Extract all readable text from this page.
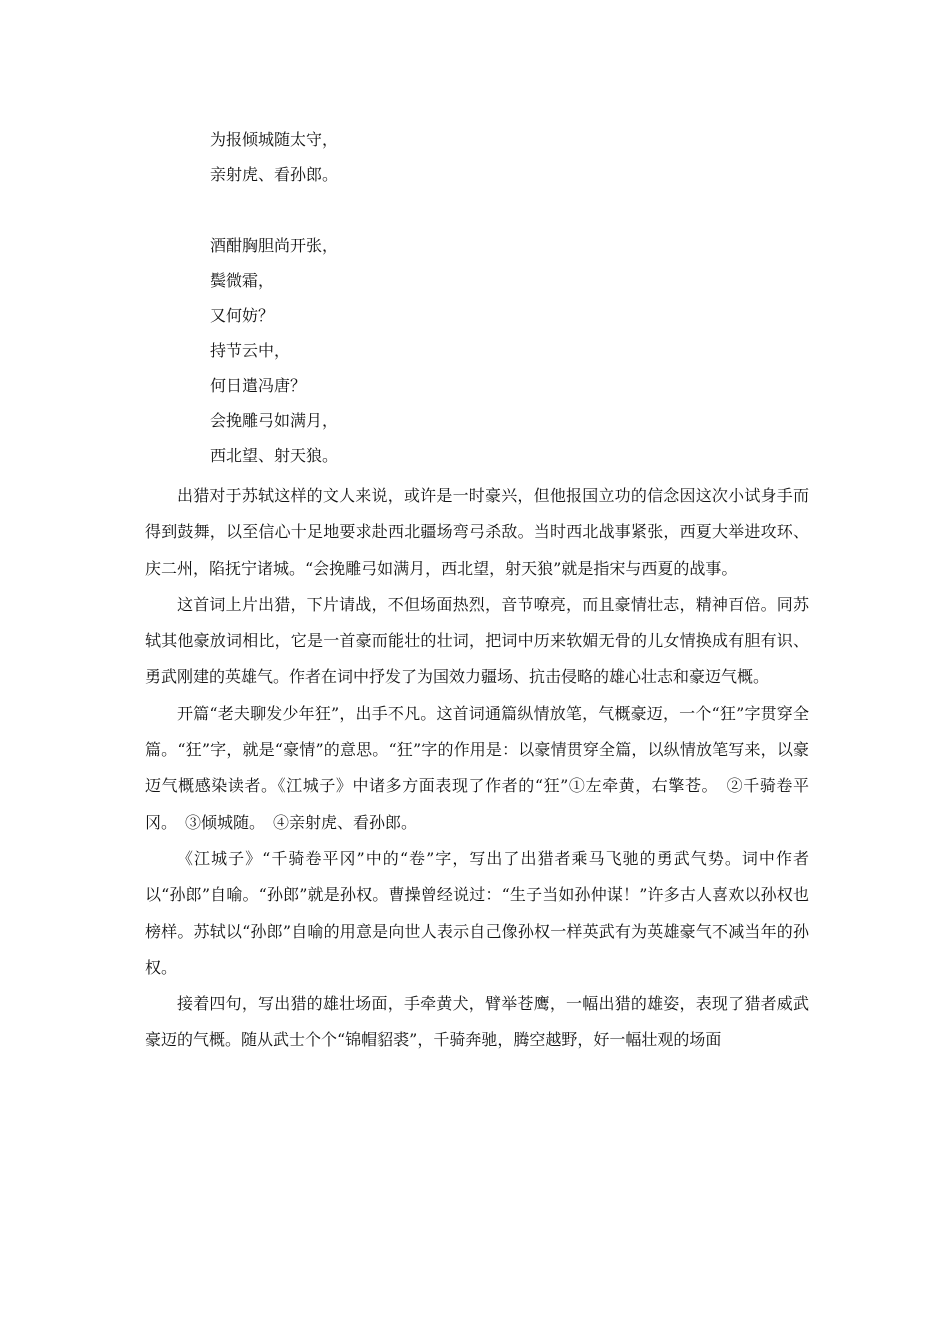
为报倾城随太守，
亲射虎、看孙郎。
酒酣胸胆尚开张，
鬓微霜，
又何妨？
持节云中，
何日遣冯唐？
会挽雕弓如满月，
西北望、射天狼。

出猎对于苏轼这样的文人来说，或许是一时豪兴，但他报国立功的信念因这次小试身手而得到鼓舞，以至信心十足地要求赴西北疆场弯弓杀敌。当时西北战事紧张，西夏大举进攻环、庆二州，陷抚宁诸城。“会挽雕弓如满月，西北望，射天狼”就是指宋与西夏的战事。

这首词上片出猎，下片请战，不但场面热烈，音节嘹亮，而且豪情壮志，精神百倍。同苏轼其他豪放词相比，它是一首豪而能壮的壮词，把词中历来软媚无骨的儿女情换成有胆有识、勇武刚建的英雄气。作者在词中抒发了为国效力疆场、抗击侵略的雄心壮志和豪迈气概。

开篇“老夫聊发少年狂”，出手不凡。这首词通篇纵情放笔，气概豪迈，一个“狂”字贯穿全篇。“狂”字，就是“豪情”的意思。“狂”字的作用是：以豪情贯穿全篇，以纵情放笔写来，以豪迈气概感染读者。《江城子》中诸多方面表现了作者的“狂”①左牵黄，右擎苍。　②千骑卷平冈。　③倾城随。　④亲射虎、看孙郎。

《江城子》“千骑卷平冈”中的“卷”字，写出了出猎者乘马飞驰的勇武气势。词中作者以“孙郎”自喻。“孙郎”就是孙权。曹操曾经说过：“生子当如孙仲谋！”许多古人喜欢以孙权也榜样。苏轼以“孙郎”自喻的用意是向世人表示自己像孙权一样英武有为英雄豪气不减当年的孙权。

接着四句，写出猎的雄壮场面，手牵黄犬，臂举苍鹰，一幅出猎的雄姿，表现了猎者威武豪迈的气概。随从武士个个“锦帽貂裘”，千骑奔驰，腾空越野，好一幅壮观的场面
